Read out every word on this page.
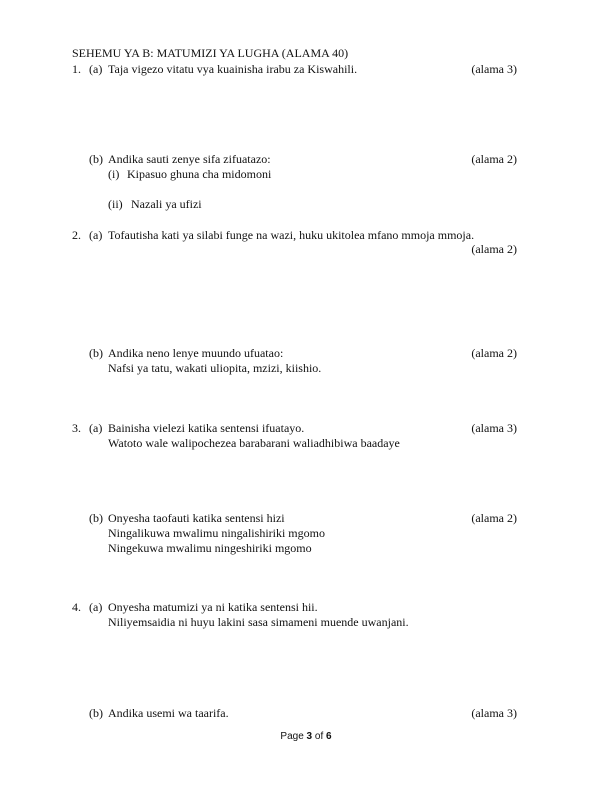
SEHEMU YA B: MATUMIZI YA LUGHA (ALAMA 40)
1. (a) Taja vigezo vitatu vya kuainisha irabu za Kiswahili.	(alama 3)
(b) Andika sauti zenye sifa zifuatazo:	(alama 2)
(i) Kipasuo ghuna cha midomoni
(ii) Nazali ya ufizi
2. (a) Tofautisha kati ya silabi funge na wazi, huku ukitolea mfano mmoja mmoja.
(alama 2)
(b) Andika neno lenye muundo ufuatao:	(alama 2)
Nafsi ya tatu, wakati uliopita, mzizi, kiishio.
3. (a) Bainisha vielezi katika sentensi ifuatayo.	(alama 3)
Watoto wale walipochezea barabarani waliadhibiwa baadaye
(b) Onyesha taofauti katika sentensi hizi	(alama 2)
Ningalikuwa mwalimu ningalishiriki mgomo
Ningekuwa mwalimu ningeshiriki mgomo
4. (a) Onyesha matumizi ya ni katika sentensi hii.
Niliyemsaidia ni huyu lakini sasa simameni muende uwanjani.
(b) Andika usemi wa taarifa.	(alama 3)
Page 3 of 6
